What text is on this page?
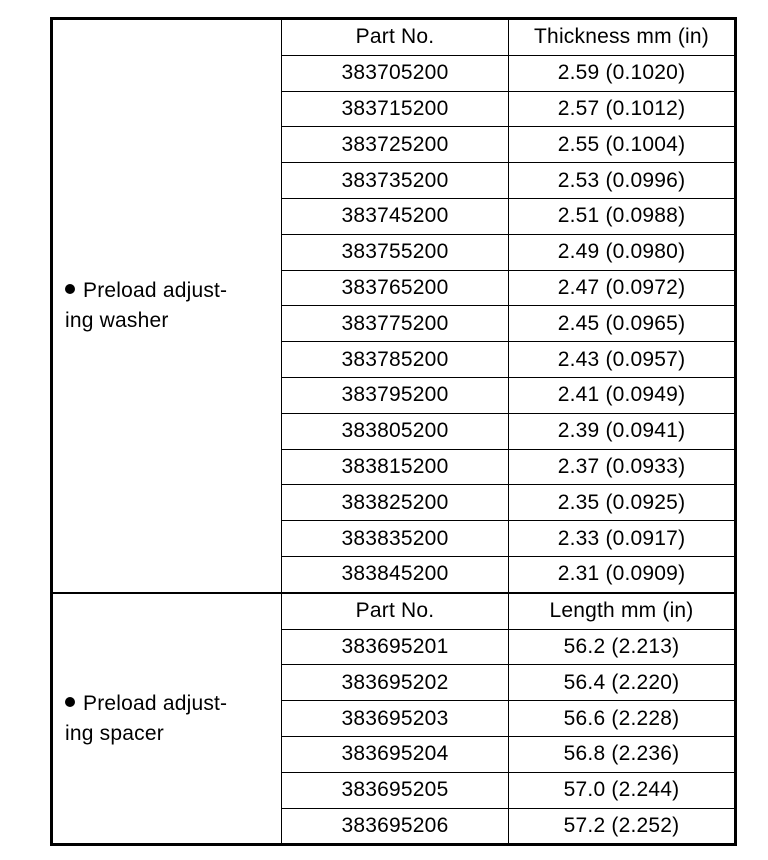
Preload adjust-
ing washer	Part No.	Thickness mm (in)
	383705200	2.59 (0.1020)
	383715200	2.57 (0.1012)
	383725200	2.55 (0.1004)
	383735200	2.53 (0.0996)
	383745200	2.51 (0.0988)
	383755200	2.49 (0.0980)
	383765200	2.47 (0.0972)
	383775200	2.45 (0.0965)
	383785200	2.43 (0.0957)
	383795200	2.41 (0.0949)
	383805200	2.39 (0.0941)
	383815200	2.37 (0.0933)
	383825200	2.35 (0.0925)
	383835200	2.33 (0.0917)
	383845200	2.31 (0.0909)
Preload adjust-
ing spacer	Part No.	Length mm (in)
	383695201	56.2 (2.213)
	383695202	56.4 (2.220)
	383695203	56.6 (2.228)
	383695204	56.8 (2.236)
	383695205	57.0 (2.244)
	383695206	57.2 (2.252)
